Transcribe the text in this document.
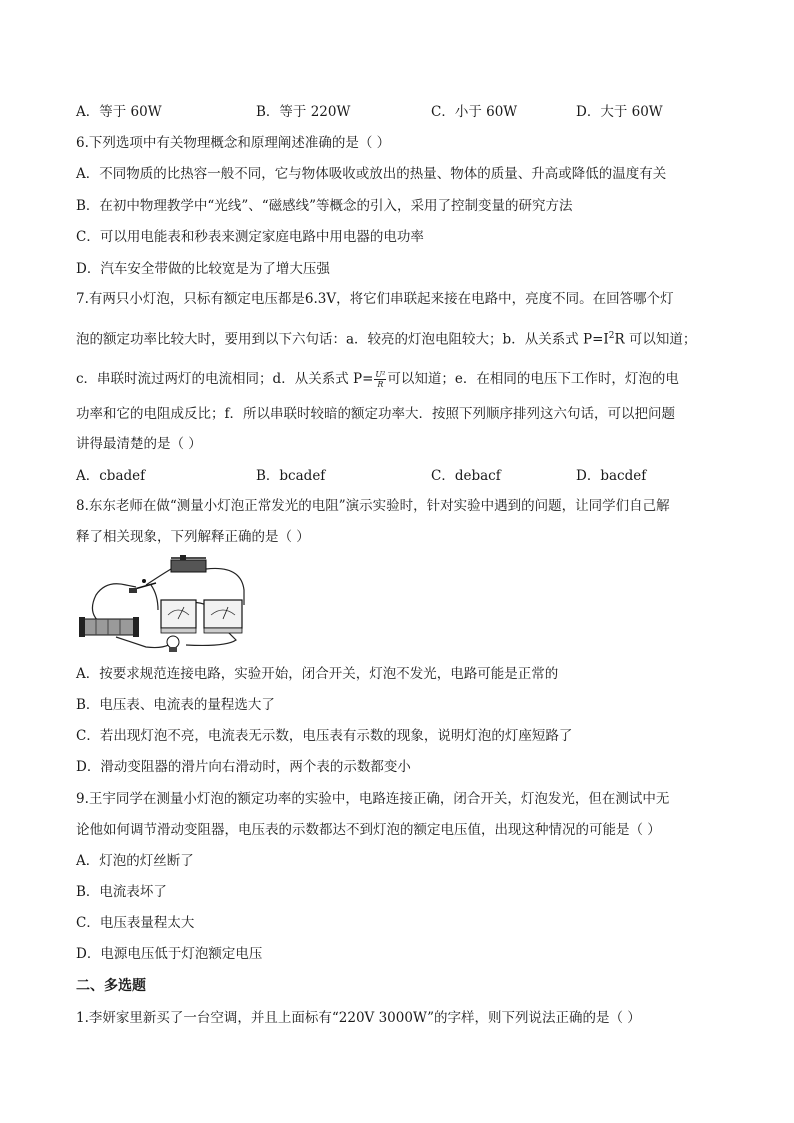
A．等于 60W	B．等于 220W	C．小于 60W	D．大于 60W
6.下列选项中有关物理概念和原理阐述准确的是（ ）
A．不同物质的比热容一般不同，它与物体吸收或放出的热量、物体的质量、升高或降低的温度有关
B．在初中物理教学中“光线”、“磁感线”等概念的引入，采用了控制变量的研究方法
C．可以用电能表和秒表来测定家庭电路中用电器的电功率
D．汽车安全带做的比较宽是为了增大压强
7.有两只小灯泡，只标有额定电压都是6.3V，将它们串联起来接在电路中，亮度不同。在回答哪个灯
泡的额定功率比较大时，要用到以下六句话：a．较亮的灯泡电阻较大；b．从关系式 $P=I^2R$ 可以知道；
c．串联时流过两灯的电流相同；d．从关系式 $P= \frac{\text{U²}}{R}$ 可以知道；e．在相同的电压下工作时，灯泡的电
功率和它的电阻成反比；f．所以串联时较暗的额定功率大．按照下列顺序排列这六句话，可以把问题
讲得最清楚的是（ ）
A．cbadef	B．bcadef	C．debacf	D．bacdef
8.东东老师在做“测量小灯泡正常发光的电阻”演示实验时，针对实验中遇到的问题，让同学们自己解
释了相关现象，下列解释正确的是（ ）
A．按要求规范连接电路，实验开始，闭合开关，灯泡不发光，电路可能是正常的
B．电压表、电流表的量程选大了
C．若出现灯泡不亮，电流表无示数，电压表有示数的现象，说明灯泡的灯座短路了
D．滑动变阻器的滑片向右滑动时，两个表的示数都变小
9.王宇同学在测量小灯泡的额定功率的实验中，电路连接正确，闭合开关，灯泡发光，但在测试中无
论他如何调节滑动变阻器，电压表的示数都达不到灯泡的额定电压值，出现这种情况的可能是（ ）
A．灯泡的灯丝断了
B．电流表坏了
C．电压表量程太大
D．电源电压低于灯泡额定电压
二、多选题
1.李妍家里新买了一台空调，并且上面标有“220V 3000W”的字样，则下列说法正确的是（ ）
